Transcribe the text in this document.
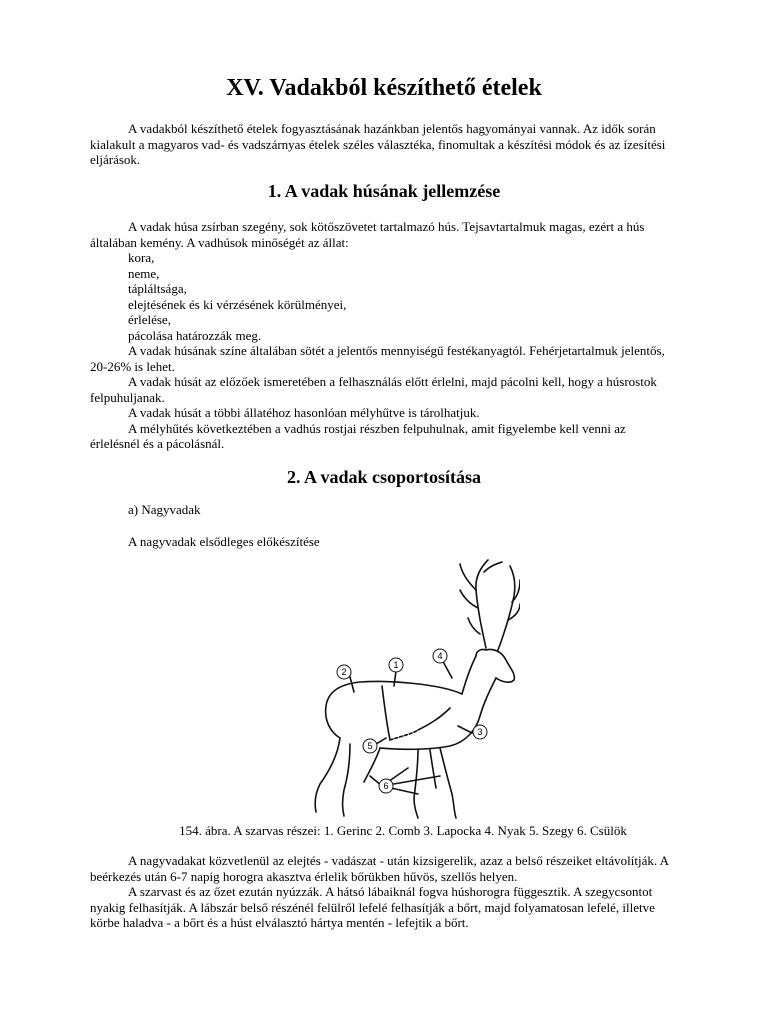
XV. Vadakból készíthető ételek

A vadakból készíthető ételek fogyasztásának hazánkban jelentős hagyományai vannak. Az idők során kialakult a magyaros vad- és vadszárnyas ételek széles választéka, finomultak a készítési módok és az ízesítési eljárások.

1. A vadak húsának jellemzése

A vadak húsa zsírban szegény, sok kötőszövetet tartalmazó hús. Tejsavtartalmuk magas, ezért a hús általában kemény. A vadhúsok minőségét az állat:

kora,
neme,
tápláltsága,
elejtésének és ki vérzésének körülményei,
érlelése,
pácolása határozzák meg.

A vadak húsának színe általában sötét a jelentős mennyiségű festékanyagtól. Fehérjetartalmuk jelentős, 20-26% is lehet.

A vadak húsát az előzőek ismeretében a felhasználás előtt érlelni, majd pácolni kell, hogy a húsrostok felpuhuljanak.

A vadak húsát a többi állatéhoz hasonlóan mélyhűtve is tárolhatjuk.

A mélyhűtés következtében a vadhús rostjai részben felpuhulnak, amit figyelembe kell venni az érlelésnél és a pácolásnál.

2. A vadak csoportosítása

a) Nagyvadak

A nagyvadak elsődleges előkészítése

1
2
3
4
5
6

154. ábra. A szarvas részei: 1. Gerinc 2. Comb 3. Lapocka 4. Nyak 5. Szegy 6. Csülök

A nagyvadakat közvetlenül az elejtés - vadászat - után kizsigerelik, azaz a belső részeiket eltávolítják. A beérkezés után 6-7 napig horogra akasztva érlelik bőrükben hűvös, szellős helyen.

A szarvast és az őzet ezután nyúzzák. A hátsó lábaiknál fogva húshorogra függesztik. A szegycsontot nyakig felhasítják. A lábszár belső részénél felülről lefelé felhasítják a bőrt, majd folyamatosan lefelé, illetve körbe haladva - a bőrt és a húst elválasztó hártya mentén - lefejtik a bőrt.
